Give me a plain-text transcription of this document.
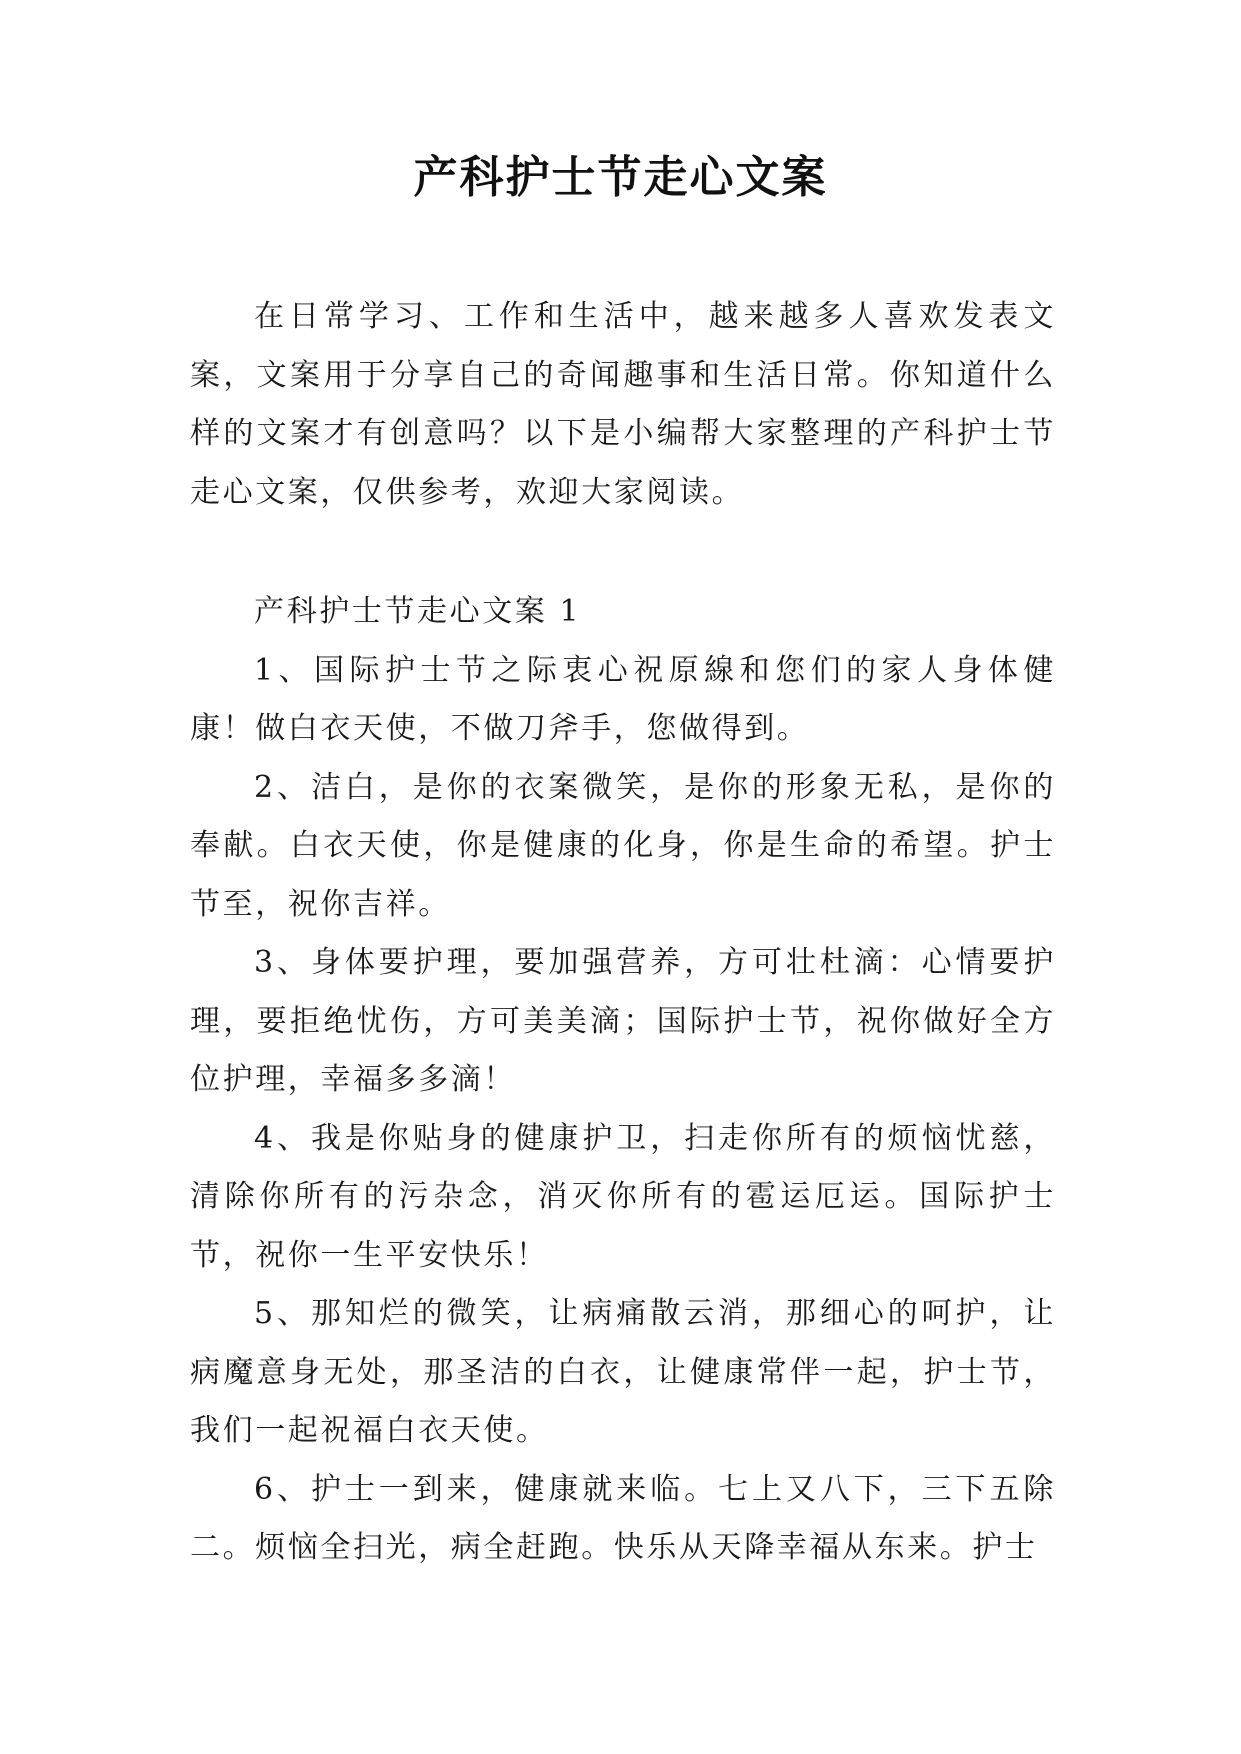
产科护士节走心文案

在日常学习、工作和生活中，越来越多人喜欢发表文案，文案用于分享自己的奇闻趣事和生活日常。你知道什么样的文案才有创意吗？以下是小编帮大家整理的产科护士节走心文案，仅供参考，欢迎大家阅读。

产科护士节走心文案 1

1、国际护士节之际衷心祝原線和您们的家人身体健康！做白衣天使，不做刀斧手，您做得到。

2、洁白，是你的衣案微笑，是你的形象无私，是你的奉献。白衣天使，你是健康的化身，你是生命的希望。护士节至，祝你吉祥。

3、身体要护理，要加强营养，方可壮杜滴：心情要护理，要拒绝忧伤，方可美美滴；国际护士节，祝你做好全方位护理，幸福多多滴！

4、我是你贴身的健康护卫，扫走你所有的烦恼忧慈，清除你所有的污杂念，消灭你所有的雹运厄运。国际护士节，祝你一生平安快乐！

5、那知烂的微笑，让病痛散云消，那细心的呵护，让病魔意身无处，那圣洁的白衣，让健康常伴一起，护士节，我们一起祝福白衣天使。

6、护士一到来，健康就来临。七上又八下，三下五除二。烦恼全扫光，病全赶跑。快乐从天降幸福从东来。护士
